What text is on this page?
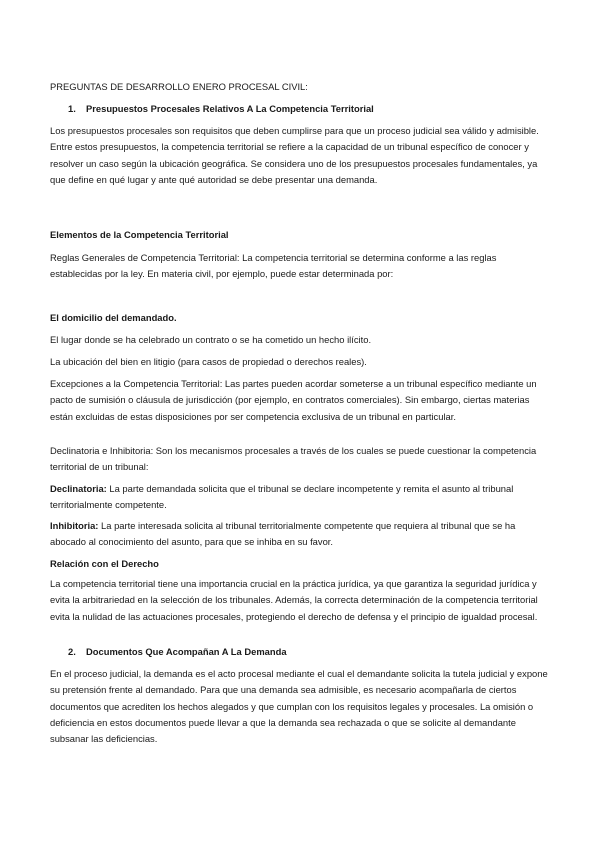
PREGUNTAS DE DESARROLLO ENERO PROCESAL CIVIL:

1. Presupuestos Procesales Relativos A La Competencia Territorial

Los presupuestos procesales son requisitos que deben cumplirse para que un proceso judicial sea válido y admisible. Entre estos presupuestos, la competencia territorial se refiere a la capacidad de un tribunal específico de conocer y resolver un caso según la ubicación geográfica. Se considera uno de los presupuestos procesales fundamentales, ya que define en qué lugar y ante qué autoridad se debe presentar una demanda.

Elementos de la Competencia Territorial

Reglas Generales de Competencia Territorial: La competencia territorial se determina conforme a las reglas establecidas por la ley. En materia civil, por ejemplo, puede estar determinada por:

El domicilio del demandado.

El lugar donde se ha celebrado un contrato o se ha cometido un hecho ilícito.

La ubicación del bien en litigio (para casos de propiedad o derechos reales).

Excepciones a la Competencia Territorial: Las partes pueden acordar someterse a un tribunal específico mediante un pacto de sumisión o cláusula de jurisdicción (por ejemplo, en contratos comerciales). Sin embargo, ciertas materias están excluidas de estas disposiciones por ser competencia exclusiva de un tribunal en particular.

Declinatoria e Inhibitoria: Son los mecanismos procesales a través de los cuales se puede cuestionar la competencia territorial de un tribunal:

Declinatoria: La parte demandada solicita que el tribunal se declare incompetente y remita el asunto al tribunal territorialmente competente.

Inhibitoria: La parte interesada solicita al tribunal territorialmente competente que requiera al tribunal que se ha abocado al conocimiento del asunto, para que se inhiba en su favor.

Relación con el Derecho

La competencia territorial tiene una importancia crucial en la práctica jurídica, ya que garantiza la seguridad jurídica y evita la arbitrariedad en la selección de los tribunales. Además, la correcta determinación de la competencia territorial evita la nulidad de las actuaciones procesales, protegiendo el derecho de defensa y el principio de igualdad procesal.

2. Documentos Que Acompañan A La Demanda

En el proceso judicial, la demanda es el acto procesal mediante el cual el demandante solicita la tutela judicial y expone su pretensión frente al demandado. Para que una demanda sea admisible, es necesario acompañarla de ciertos documentos que acrediten los hechos alegados y que cumplan con los requisitos legales y procesales. La omisión o deficiencia en estos documentos puede llevar a que la demanda sea rechazada o que se solicite al demandante subsanar las deficiencias.
